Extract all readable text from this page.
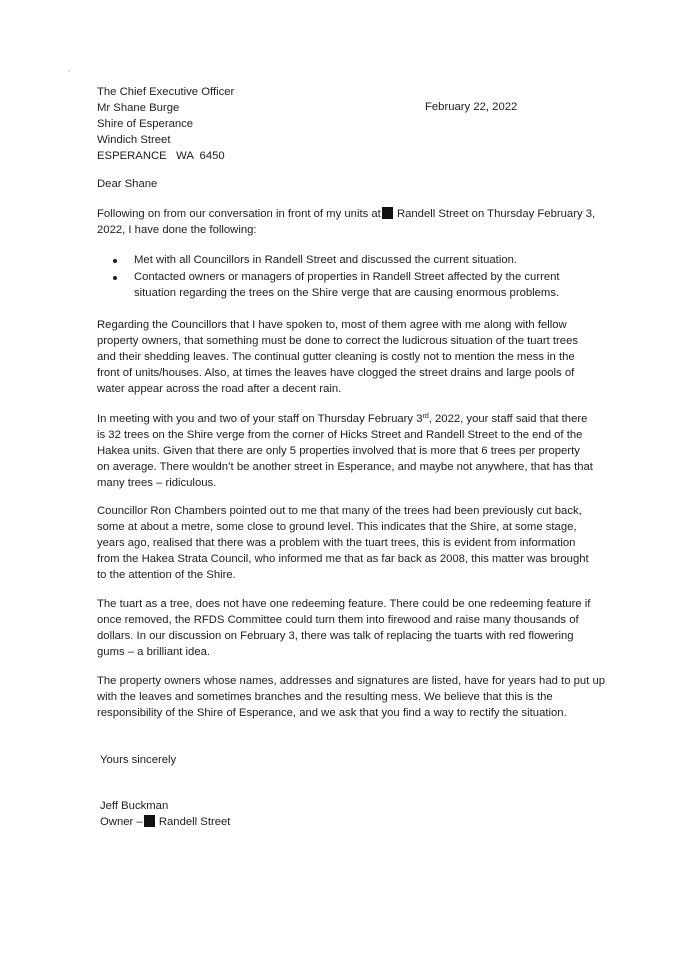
The Chief Executive Officer
Mr Shane Burge
Shire of Esperance
Windich Street
ESPERANCE   WA  6450
February 22, 2022
Dear Shane
Following on from our conversation in front of my units at Randell Street on Thursday February 3,
2022, I have done the following:
Met with all Councillors in Randell Street and discussed the current situation.
Contacted owners or managers of properties in Randell Street affected by the current
situation regarding the trees on the Shire verge that are causing enormous problems.
Regarding the Councillors that I have spoken to, most of them agree with me along with fellow
property owners, that something must be done to correct the ludicrous situation of the tuart trees
and their shedding leaves. The continual gutter cleaning is costly not to mention the mess in the
front of units/houses. Also, at times the leaves have clogged the street drains and large pools of
water appear across the road after a decent rain.
In meeting with you and two of your staff on Thursday February 3rd, 2022, your staff said that there
is 32 trees on the Shire verge from the corner of Hicks Street and Randell Street to the end of the
Hakea units. Given that there are only 5 properties involved that is more that 6 trees per property
on average. There wouldn’t be another street in Esperance, and maybe not anywhere, that has that
many trees – ridiculous.
Councillor Ron Chambers pointed out to me that many of the trees had been previously cut back,
some at about a metre, some close to ground level. This indicates that the Shire, at some stage,
years ago, realised that there was a problem with the tuart trees, this is evident from information
from the Hakea Strata Council, who informed me that as far back as 2008, this matter was brought
to the attention of the Shire.
The tuart as a tree, does not have one redeeming feature. There could be one redeeming feature if
once removed, the RFDS Committee could turn them into firewood and raise many thousands of
dollars. In our discussion on February 3, there was talk of replacing the tuarts with red flowering
gums – a brilliant idea.
The property owners whose names, addresses and signatures are listed, have for years had to put up
with the leaves and sometimes branches and the resulting mess. We believe that this is the
responsibility of the Shire of Esperance, and we ask that you find a way to rectify the situation.
Yours sincerely
Jeff Buckman
Owner – Randell Street
